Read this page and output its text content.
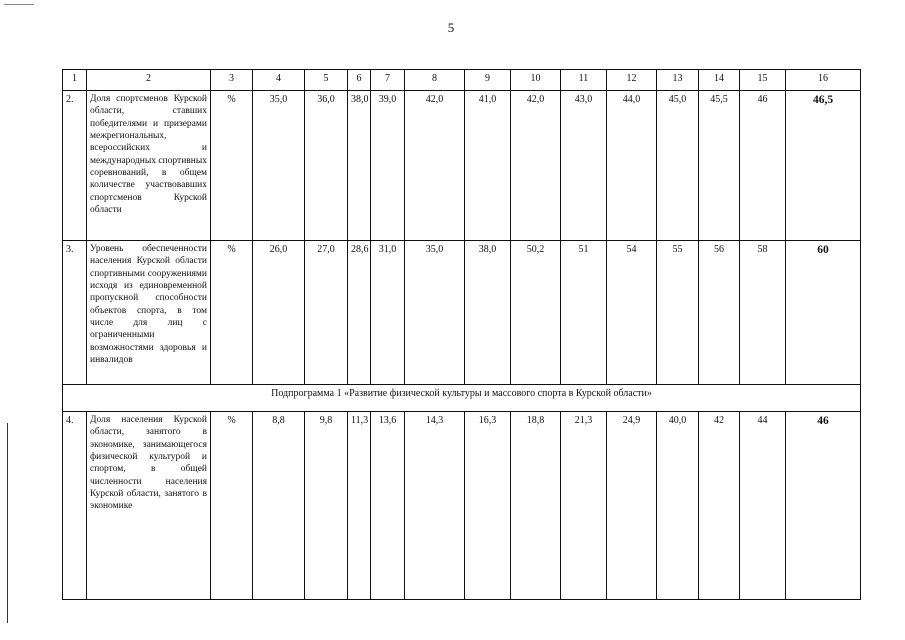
5
1	2	3	4	5	6	7	8	9	10	11	12	13	14	15	16
2.	Доля спортсменов Курской области, ставших победителями и призерами межрегиональных, всероссийских и международных спортивных соревнований, в общем количестве участвовавших спортсменов Курской области	%	35,0	36,0	38,0	39,0	42,0	41,0	42,0	43,0	44,0	45,0	45,5	46	46,5
3.	Уровень обеспеченности населения Курской области спортивными сооружениями исходя из единовременной пропускной способности объектов спорта, в том числе для лиц с ограниченными возможностями здоровья и инвалидов	%	26,0	27,0	28,6	31,0	35,0	38,0	50,2	51	54	55	56	58	60
Подпрограмма 1 «Развитие физической культуры и массового спорта в Курской области»															
4.	Доля населения Курской области, занятого в экономике, занимающегося физической культурой и спортом, в общей численности населения Курской области, занятого в экономике	%	8,8	9,8	11,3	13,6	14,3	16,3	18,8	21,3	24,9	40,0	42	44	46
